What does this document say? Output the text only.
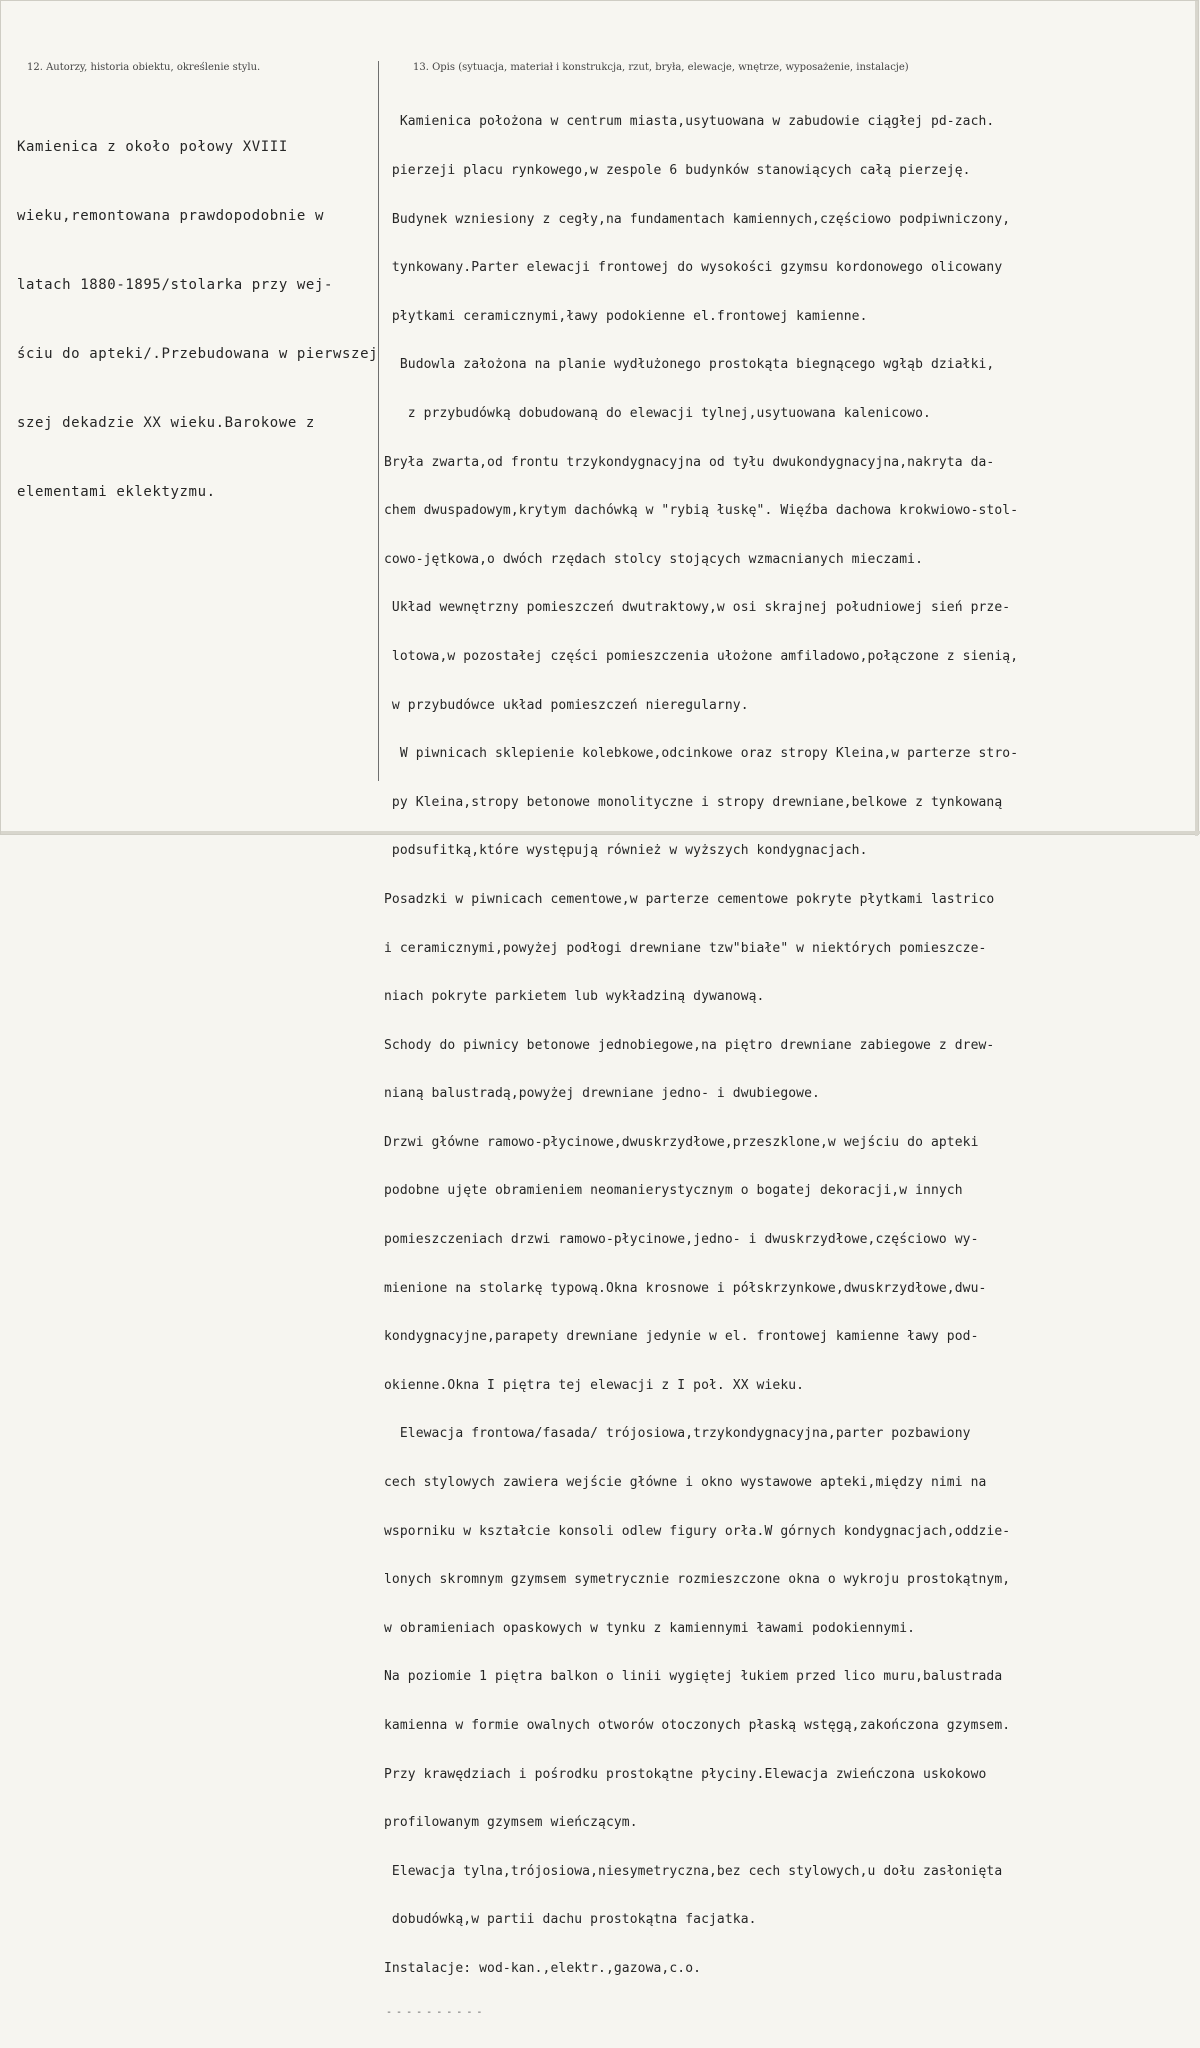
12. Autorzy, historia obiektu, określenie stylu.	13. Opis (sytuacja, materiał i konstrukcja, rzut, bryła, elewacje, wnętrze, wyposażenie, instalacje)

Kamienica z około połowy XVIII

wieku,remontowana prawdopodobnie w

latach 1880-1895/stolarka przy wej-

ściu do apteki/.Przebudowana w pierwszej

szej dekadzie XX wieku.Barokowe z

elementami eklektyzmu.

Kamienica położona w centrum miasta,usytuowana w zabudowie ciągłej pd-zach.

pierzeji placu rynkowego,w zespole 6 budynków stanowiących całą pierzeję.

Budynek wzniesiony z cegły,na fundamentach kamiennych,częściowo podpiwniczony,

tynkowany.Parter elewacji frontowej do wysokości gzymsu kordonowego olicowany

płytkami ceramicznymi,ławy podokienne el.frontowej kamienne.

Budowla założona na planie wydłużonego prostokąta biegnącego wgłąb działki,

z przybudówką dobudowaną do elewacji tylnej,usytuowana kalenicowo.

Bryła zwarta,od frontu trzykondygnacyjna od tyłu dwukondygnacyjna,nakryta da-

chem dwuspadowym,krytym dachówką w "rybią łuskę". Więźba dachowa krokwiowo-stol-

cowo-jętkowa,o dwóch rzędach stolcy stojących wzmacnianych mieczami.

Układ wewnętrzny pomieszczeń dwutraktowy,w osi skrajnej południowej sień prze-

lotowa,w pozostałej części pomieszczenia ułożone amfiladowo,połączone z sienią,

w przybudówce układ pomieszczeń nieregularny.

W piwnicach sklepienie kolebkowe,odcinkowe oraz stropy Kleina,w parterze stro-

py Kleina,stropy betonowe monolityczne i stropy drewniane,belkowe z tynkowaną

podsufitką,które występują również w wyższych kondygnacjach.

Posadzki w piwnicach cementowe,w parterze cementowe pokryte płytkami lastrico

i ceramicznymi,powyżej podłogi drewniane tzw"białe" w niektórych pomieszcze-

niach pokryte parkietem lub wykładziną dywanową.

Schody do piwnicy betonowe jednobiegowe,na piętro drewniane zabiegowe z drew-

nianą balustradą,powyżej drewniane jedno- i dwubiegowe.

Drzwi główne ramowo-płycinowe,dwuskrzydłowe,przeszklone,w wejściu do apteki

podobne ujęte obramieniem neomanierystycznym o bogatej dekoracji,w innych

pomieszczeniach drzwi ramowo-płycinowe,jedno- i dwuskrzydłowe,częściowo wy-

mienione na stolarkę typową.Okna krosnowe i półskrzynkowe,dwuskrzydłowe,dwu-

kondygnacyjne,parapety drewniane jedynie w el. frontowej kamienne ławy pod-

okienne.Okna I piętra tej elewacji z I poł. XX wieku.

Elewacja frontowa/fasada/ trójosiowa,trzykondygnacyjna,parter pozbawiony

cech stylowych zawiera wejście główne i okno wystawowe apteki,między nimi na

wsporniku w kształcie konsoli odlew figury orła.W górnych kondygnacjach,oddzie-

lonych skromnym gzymsem symetrycznie rozmieszczone okna o wykroju prostokątnym,

w obramieniach opaskowych w tynku z kamiennymi ławami podokiennymi.

Na poziomie 1 piętra balkon o linii wygiętej łukiem przed lico muru,balustrada

kamienna w formie owalnych otworów otoczonych płaską wstęgą,zakończona gzymsem.

Przy krawędziach i pośrodku prostokątne płyciny.Elewacja zwieńczona uskokowo

profilowanym gzymsem wieńczącym.

Elewacja tylna,trójosiowa,niesymetryczna,bez cech stylowych,u dołu zasłonięta

dobudówką,w partii dachu prostokątna facjatka.

Instalacje: wod-kan.,elektr.,gazowa,c.o.

- - - - - - - - - -
